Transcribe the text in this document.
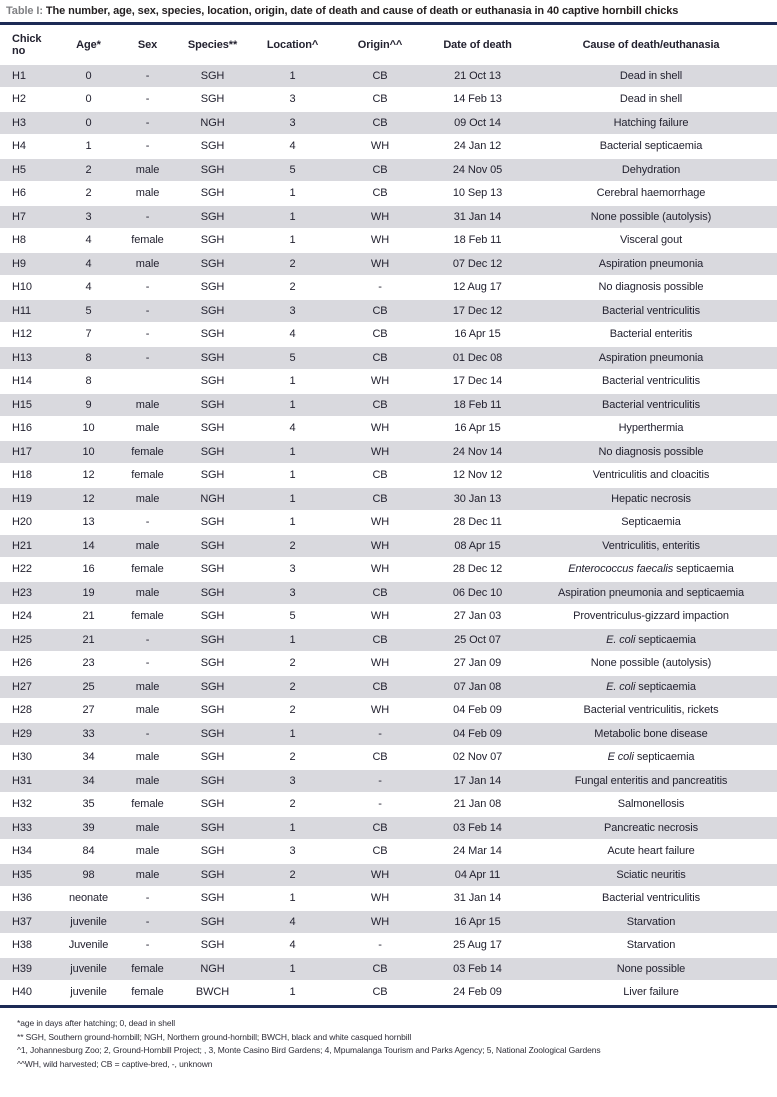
Table I: The number, age, sex, species, location, origin, date of death and cause of death or euthanasia in 40 captive hornbill chicks
Chick no	Age*	Sex	Species**	Location^	Origin^^	Date of death	Cause of death/euthanasia
H1	0	-	SGH	1	CB	21 Oct 13	Dead in shell
H2	0	-	SGH	3	CB	14 Feb 13	Dead in shell
H3	0	-	NGH	3	CB	09 Oct 14	Hatching failure
H4	1	-	SGH	4	WH	24 Jan 12	Bacterial septicaemia
H5	2	male	SGH	5	CB	24 Nov 05	Dehydration
H6	2	male	SGH	1	CB	10 Sep 13	Cerebral haemorrhage
H7	3	-	SGH	1	WH	31 Jan 14	None possible (autolysis)
H8	4	female	SGH	1	WH	18 Feb 11	Visceral gout
H9	4	male	SGH	2	WH	07 Dec 12	Aspiration pneumonia
H10	4	-	SGH	2	-	12 Aug 17	No diagnosis possible
H11	5	-	SGH	3	CB	17 Dec 12	Bacterial ventriculitis
H12	7	-	SGH	4	CB	16 Apr 15	Bacterial enteritis
H13	8	-	SGH	5	CB	01 Dec 08	Aspiration pneumonia
H14	8		SGH	1	WH	17 Dec 14	Bacterial ventriculitis
H15	9	male	SGH	1	CB	18 Feb 11	Bacterial ventriculitis
H16	10	male	SGH	4	WH	16 Apr 15	Hyperthermia
H17	10	female	SGH	1	WH	24 Nov 14	No diagnosis possible
H18	12	female	SGH	1	CB	12 Nov 12	Ventriculitis and cloacitis
H19	12	male	NGH	1	CB	30 Jan 13	Hepatic necrosis
H20	13	-	SGH	1	WH	28 Dec 11	Septicaemia
H21	14	male	SGH	2	WH	08 Apr 15	Ventriculitis, enteritis
H22	16	female	SGH	3	WH	28 Dec 12	Enterococcus faecalis septicaemia
H23	19	male	SGH	3	CB	06 Dec 10	Aspiration pneumonia and septicaemia
H24	21	female	SGH	5	WH	27 Jan 03	Proventriculus-gizzard impaction
H25	21	-	SGH	1	CB	25 Oct 07	E. coli septicaemia
H26	23	-	SGH	2	WH	27 Jan 09	None possible (autolysis)
H27	25	male	SGH	2	CB	07 Jan 08	E. coli septicaemia
H28	27	male	SGH	2	WH	04 Feb 09	Bacterial ventriculitis, rickets
H29	33	-	SGH	1	-	04 Feb 09	Metabolic bone disease
H30	34	male	SGH	2	CB	02 Nov 07	E coli septicaemia
H31	34	male	SGH	3	-	17 Jan 14	Fungal enteritis and pancreatitis
H32	35	female	SGH	2	-	21 Jan 08	Salmonellosis
H33	39	male	SGH	1	CB	03 Feb 14	Pancreatic necrosis
H34	84	male	SGH	3	CB	24 Mar 14	Acute heart failure
H35	98	male	SGH	2	WH	04 Apr 11	Sciatic neuritis
H36	neonate	-	SGH	1	WH	31 Jan 14	Bacterial ventriculitis
H37	juvenile	-	SGH	4	WH	16 Apr 15	Starvation
H38	Juvenile	-	SGH	4	-	25 Aug 17	Starvation
H39	juvenile	female	NGH	1	CB	03 Feb 14	None possible
H40	juvenile	female	BWCH	1	CB	24 Feb 09	Liver failure
*age in days after hatching; 0, dead in shell
** SGH, Southern ground-hornbill; NGH, Northern ground-hornbill; BWCH, black and white casqued hornbill
^1, Johannesburg Zoo; 2, Ground-Hornbill Project; , 3, Monte Casino Bird Gardens; 4, Mpumalanga Tourism and Parks Agency; 5, National Zoological Gardens
^^WH, wild harvested; CB = captive-bred, -, unknown
